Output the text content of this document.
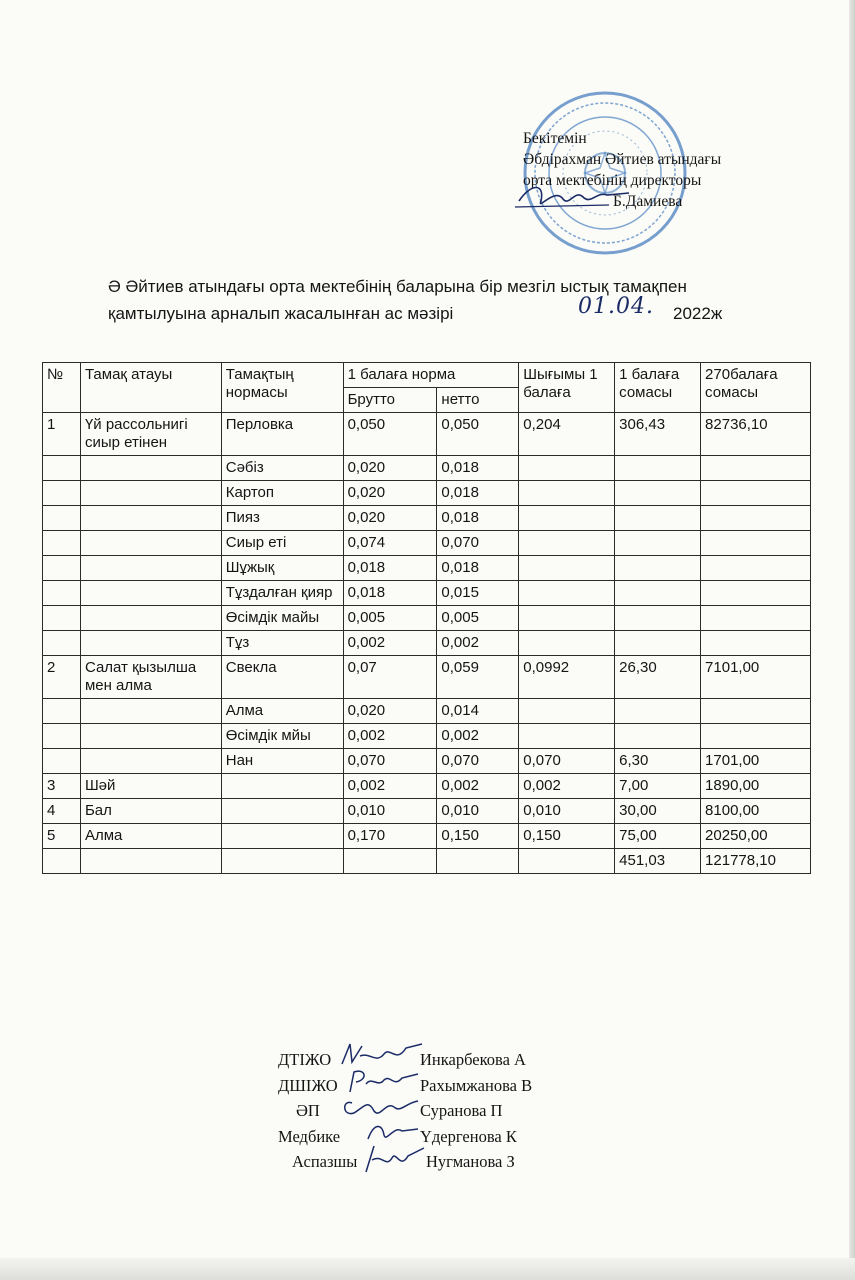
Бекітемін
Әбдірахман Әйтиев атындағы
орта мектебінің директоры
Б.Дамиева

Ә Әйтиев атындағы орта мектебінің баларына бір мезгіл ыстық тамақпен
қамтылуына арналып жасалынған ас мәзірі	01.04. 2022ж
№	Тамақ атауы	Тамақтың нормасы	1 балаға норма		Шығымы 1 балаға	1 балаға сомасы	270балаға сомасы
			Брутто	нетто			
1	Үй рассольнигі сиыр етінен	Перловка	0,050	0,050	0,204	306,43	82736,10
		Сәбіз	0,020	0,018			
		Картоп	0,020	0,018			
		Пияз	0,020	0,018			
		Сиыр еті	0,074	0,070			
		Шұжық	0,018	0,018			
		Тұздалған қияр	0,018	0,015			
		Өсімдік майы	0,005	0,005			
		Тұз	0,002	0,002			
2	Салат қызылша мен алма	Свекла	0,07	0,059	0,0992	26,30	7101,00
		Алма	0,020	0,014			
		Өсімдік мйы	0,002	0,002			
		Нан	0,070	0,070	0,070	6,30	1701,00
3	Шәй		0,002	0,002	0,002	7,00	1890,00
4	Бал		0,010	0,010	0,010	30,00	8100,00
5	Алма		0,170	0,150	0,150	75,00	20250,00
						451,03	121778,10
ДТІЖО	Инкарбекова А
ДШІЖО	Рахымжанова В
ӘП	Суранова П
Медбике	Үдергенова К
Аспазшы	Нугманова З
